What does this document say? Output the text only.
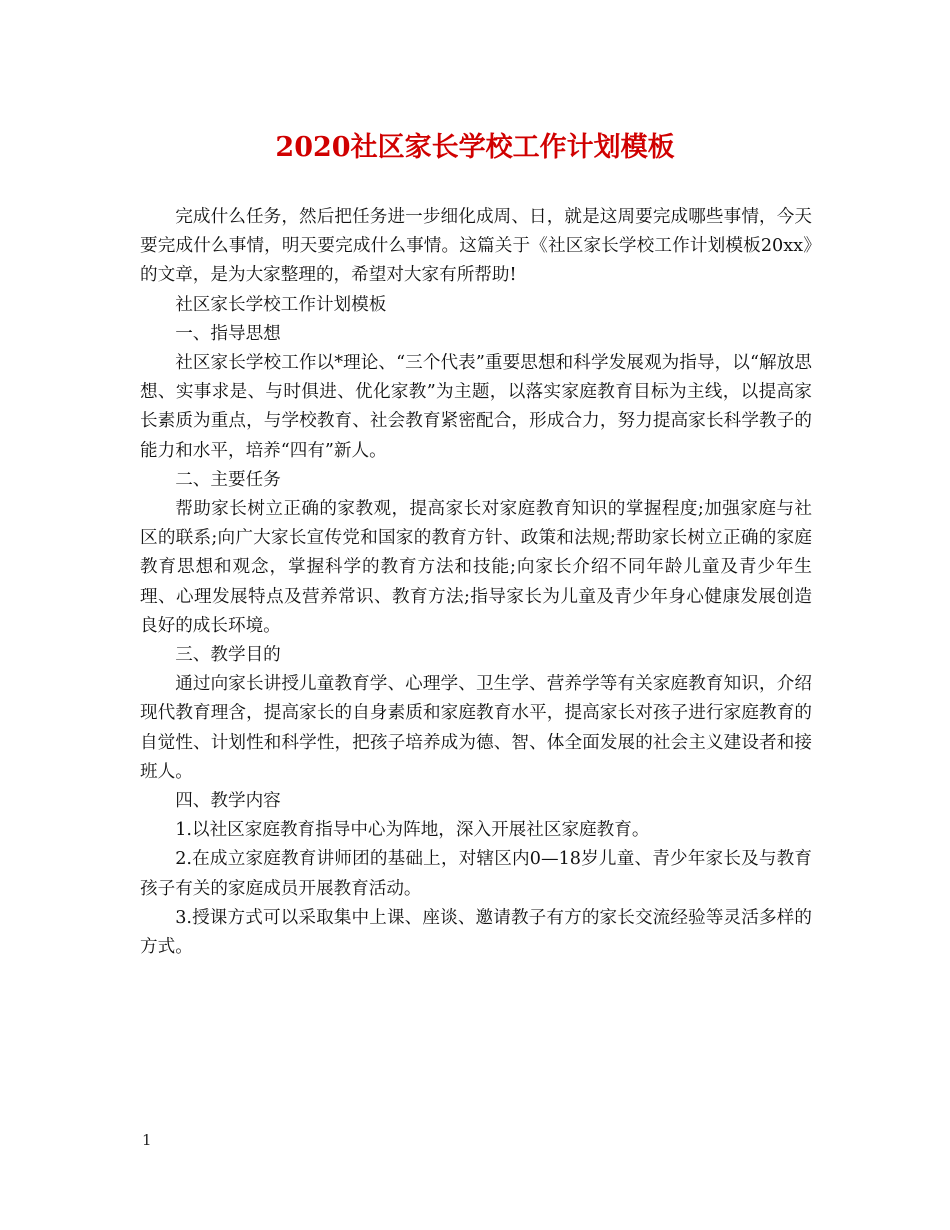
2020社区家长学校工作计划模板

完成什么任务，然后把任务进一步细化成周、日，就是这周要完成哪些事情，今天要完成什么事情，明天要完成什么事情。这篇关于《社区家长学校工作计划模板20xx》的文章，是为大家整理的，希望对大家有所帮助!

社区家长学校工作计划模板

一、指导思想

社区家长学校工作以*理论、“三个代表”重要思想和科学发展观为指导，以“解放思想、实事求是、与时俱进、优化家教”为主题，以落实家庭教育目标为主线，以提高家长素质为重点，与学校教育、社会教育紧密配合，形成合力，努力提高家长科学教子的能力和水平，培养“四有”新人。

二、主要任务

帮助家长树立正确的家教观，提高家长对家庭教育知识的掌握程度;加强家庭与社区的联系;向广大家长宣传党和国家的教育方针、政策和法规;帮助家长树立正确的家庭教育思想和观念，掌握科学的教育方法和技能;向家长介绍不同年龄儿童及青少年生理、心理发展特点及营养常识、教育方法;指导家长为儿童及青少年身心健康发展创造良好的成长环境。

三、教学目的

通过向家长讲授儿童教育学、心理学、卫生学、营养学等有关家庭教育知识，介绍现代教育理含，提高家长的自身素质和家庭教育水平，提高家长对孩子进行家庭教育的自觉性、计划性和科学性，把孩子培养成为德、智、体全面发展的社会主义建设者和接班人。

四、教学内容

1.以社区家庭教育指导中心为阵地，深入开展社区家庭教育。

2.在成立家庭教育讲师团的基础上，对辖区内0—18岁儿童、青少年家长及与教育孩子有关的家庭成员开展教育活动。

3.授课方式可以采取集中上课、座谈、邀请教子有方的家长交流经验等灵活多样的方式。

1
